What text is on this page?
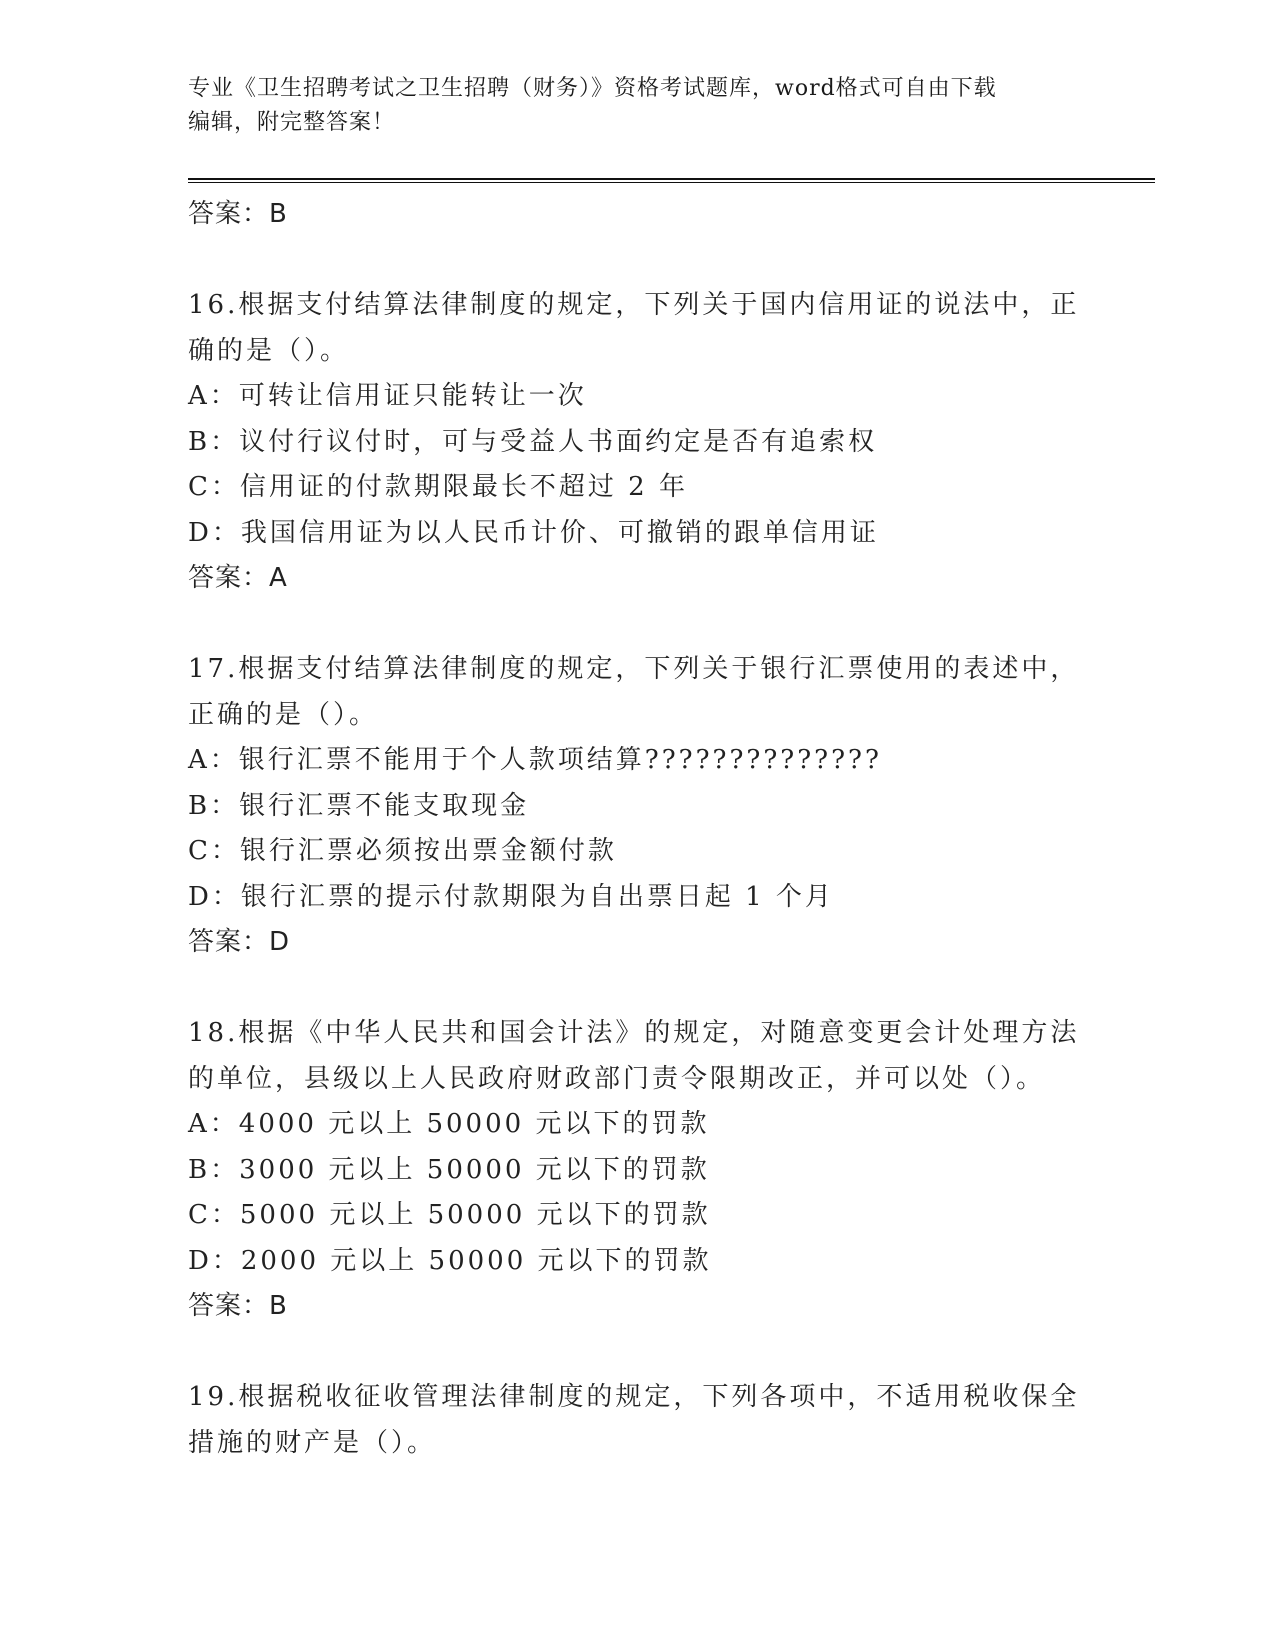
专业《卫生招聘考试之卫生招聘（财务）》资格考试题库，word格式可自由下载
编辑，附完整答案！
答案：B
16.根据支付结算法律制度的规定，下列关于国内信用证的说法中，正
确的是（）。
A：可转让信用证只能转让一次
B：议付行议付时，可与受益人书面约定是否有追索权
C：信用证的付款期限最长不超过 2 年
D：我国信用证为以人民币计价、可撤销的跟单信用证
答案：A
17.根据支付结算法律制度的规定，下列关于银行汇票使用的表述中，
正确的是（）。
A：银行汇票不能用于个人款项结算??????????????
B：银行汇票不能支取现金
C：银行汇票必须按出票金额付款
D：银行汇票的提示付款期限为自出票日起 1 个月
答案：D
18.根据《中华人民共和国会计法》的规定，对随意变更会计处理方法
的单位，县级以上人民政府财政部门责令限期改正，并可以处（）。
A：4000 元以上 50000 元以下的罚款
B：3000 元以上 50000 元以下的罚款
C：5000 元以上 50000 元以下的罚款
D：2000 元以上 50000 元以下的罚款
答案：B
19.根据税收征收管理法律制度的规定，下列各项中，不适用税收保全
措施的财产是（）。
